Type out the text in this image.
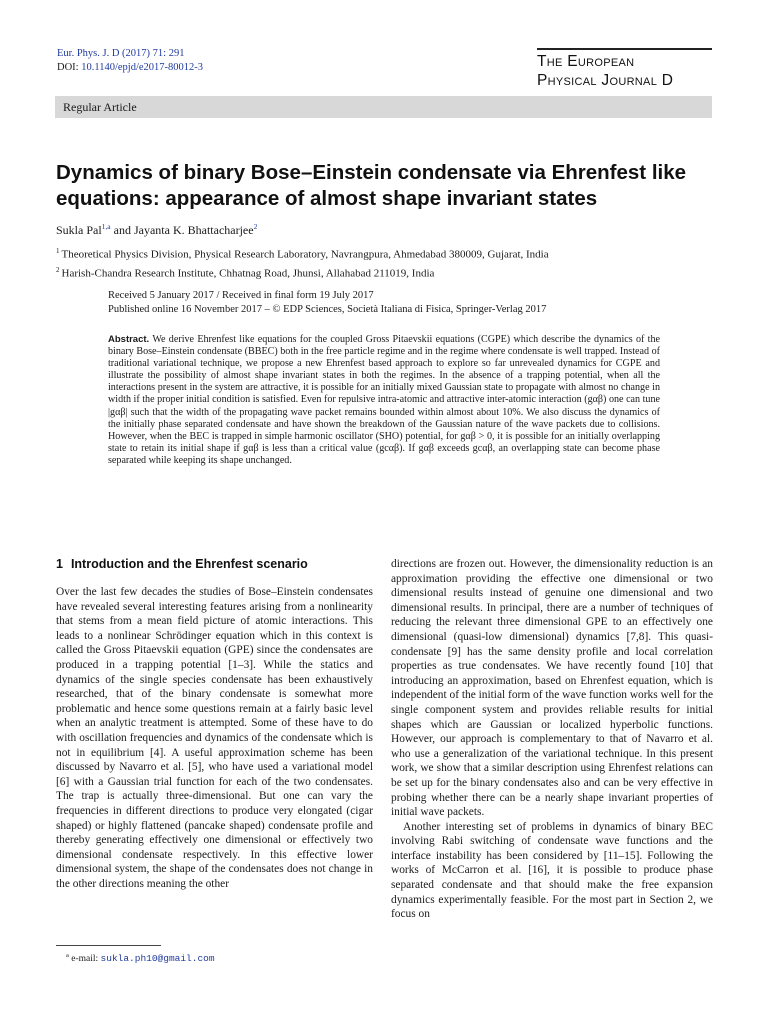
Eur. Phys. J. D (2017) 71: 291
DOI: 10.1140/epjd/e2017-80012-3	The European
Physical Journal D
Regular Article
Dynamics of binary Bose–Einstein condensate via Ehrenfest like equations: appearance of almost shape invariant states
Sukla Pal$^{1,a}$ and Jayanta K. Bhattacharjee$^2$
$^1$ Theoretical Physics Division, Physical Research Laboratory, Navrangpura, Ahmedabad 380009, Gujarat, India
$^2$ Harish-Chandra Research Institute, Chhatnag Road, Jhunsi, Allahabad 211019, India
Received 5 January 2017 / Received in final form 19 July 2017
Published online 16 November 2017 – © EDP Sciences, Società Italiana di Fisica, Springer-Verlag 2017
Abstract. We derive Ehrenfest like equations for the coupled Gross Pitaevskii equations (CGPE) which describe the dynamics of the binary Bose–Einstein condensate (BBEC) both in the free particle regime and in the regime where condensate is well trapped. Instead of traditional variational technique, we propose a new Ehrenfest based approach to explore so far unrevealed dynamics for CGPE and illustrate the possibility of almost shape invariant states in both the regimes. In the absence of a trapping potential, when all the interactions present in the system are attractive, it is possible for an initially mixed Gaussian state to propagate with almost no change in width if the proper initial condition is satisfied. Even for repulsive intra-atomic and attractive inter-atomic interaction (gαβ) one can tune |gαβ| such that the width of the propagating wave packet remains bounded within almost about 10%. We also discuss the dynamics of the initially phase separated condensate and have shown the breakdown of the Gaussian nature of the wave packets due to collisions. However, when the BEC is trapped in simple harmonic oscillator (SHO) potential, for gαβ > 0, it is possible for an initially overlapping state to retain its initial shape if gαβ is less than a critical value (gcαβ). If gαβ exceeds gcαβ, an overlapping state can become phase separated while keeping its shape unchanged.
1 Introduction and the Ehrenfest scenario

Over the last few decades the studies of Bose–Einstein condensates have revealed several interesting features arising from a nonlinearity that stems from a mean field picture of atomic interactions. This leads to a nonlinear Schrödinger equation which in this context is called the Gross Pitaevskii equation (GPE) since the condensates are produced in a trapping potential [1–3]. While the statics and dynamics of the single species condensate has been exhaustively researched, that of the binary condensate is somewhat more problematic and hence some questions remain at a fairly basic level when an analytic treatment is attempted. Some of these have to do with oscillation frequencies and dynamics of the condensate which is not in equilibrium [4]. A useful approximation scheme has been discussed by Navarro et al. [5], who have used a variational model [6] with a Gaussian trial function for each of the two condensates. The trap is actually three-dimensional. But one can vary the frequencies in different directions to produce very elongated (cigar shaped) or highly flattened (pancake shaped) condensate profile and thereby generating effectively one dimensional or effectively two dimensional condensate respectively. In this effective lower dimensional system, the shape of the condensates does not change in the other directions meaning the other

directions are frozen out. However, the dimensionality reduction is an approximation providing the effective one dimensional or two dimensional results instead of genuine one dimensional and two dimensional results. In principal, there are a number of techniques of reducing the relevant three dimensional GPE to an effectively one dimensional (quasi-low dimensional) dynamics [7,8]. This quasi-condensate [9] has the same density profile and local correlation properties as true condensates. We have recently found [10] that introducing an approximation, based on Ehrenfest equation, which is independent of the initial form of the wave function works well for the single component system and provides reliable results for initial shapes which are Gaussian or localized hyperbolic functions. However, our approach is complementary to that of Navarro et al. who use a generalization of the variational technique. In this present work, we show that a similar description using Ehrenfest relations can be set up for the binary condensates also and can be very effective in probing whether there can be a nearly shape invariant properties of initial wave packets.

Another interesting set of problems in dynamics of binary BEC involving Rabi switching of condensate wave functions and the interface instability has been considered by [11–15]. Following the works of McCarron et al. [16], it is possible to produce phase separated condensate and that should make the free expansion dynamics experimentally feasible. For the most part in Section 2, we focus on

$^a$ e-mail: sukla.ph10@gmail.com
